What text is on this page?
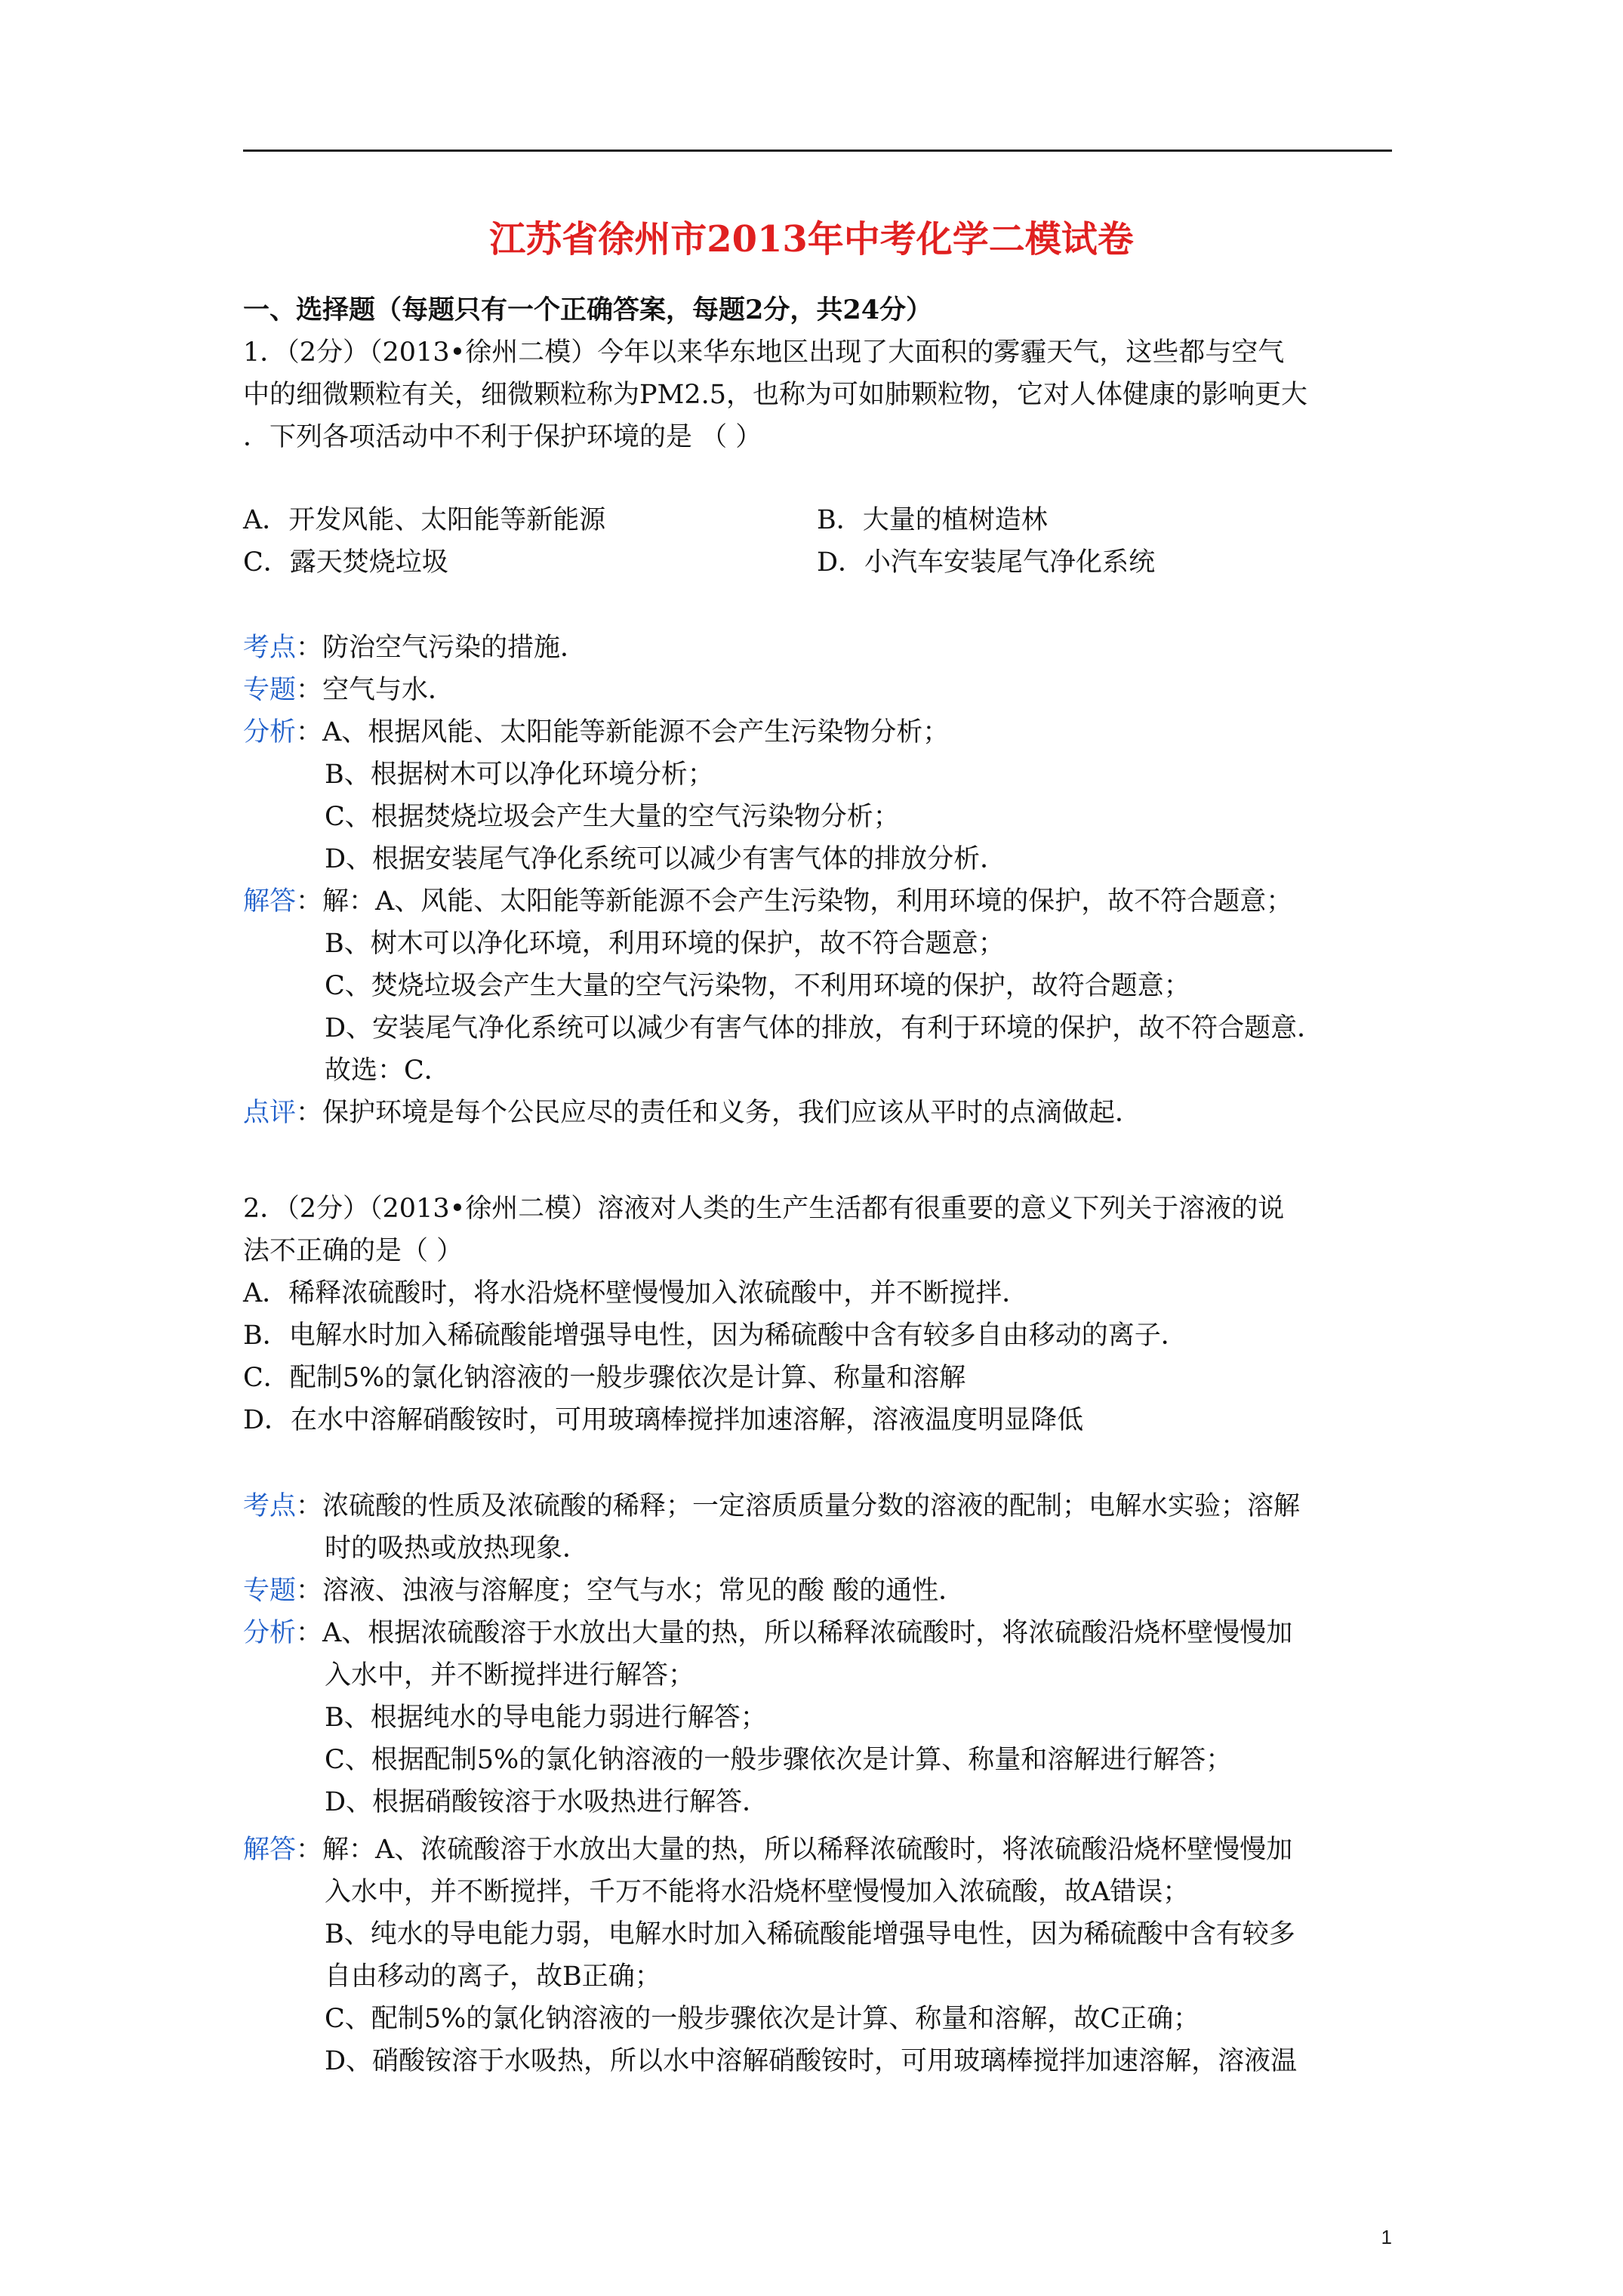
江苏省徐州市2013年中考化学二模试卷
一、选择题（每题只有一个正确答案，每题2分，共24分）
1．（2分）（2013•徐州二模）今年以来华东地区出现了大面积的雾霾天气，这些都与空气
中的细微颗粒有关，细微颗粒称为PM2.5，也称为可如肺颗粒物，它对人体健康的影响更大
．下列各项活动中不利于保护环境的是 （ ）
A．开发风能、太阳能等新能源	B．大量的植树造林
C．露天焚烧垃圾	D．小汽车安装尾气净化系统
考点：防治空气污染的措施．
专题：空气与水．
分析：A、根据风能、太阳能等新能源不会产生污染物分析；
B、根据树木可以净化环境分析；
C、根据焚烧垃圾会产生大量的空气污染物分析；
D、根据安装尾气净化系统可以减少有害气体的排放分析．
解答：解：A、风能、太阳能等新能源不会产生污染物，利用环境的保护，故不符合题意；
B、树木可以净化环境，利用环境的保护，故不符合题意；
C、焚烧垃圾会产生大量的空气污染物，不利用环境的保护，故符合题意；
D、安装尾气净化系统可以减少有害气体的排放，有利于环境的保护，故不符合题意．
故选：C．
点评：保护环境是每个公民应尽的责任和义务，我们应该从平时的点滴做起．
2．（2分）（2013•徐州二模）溶液对人类的生产生活都有很重要的意义下列关于溶液的说
法不正确的是（ ）
A．稀释浓硫酸时，将水沿烧杯壁慢慢加入浓硫酸中，并不断搅拌．
B．电解水时加入稀硫酸能增强导电性，因为稀硫酸中含有较多自由移动的离子．
C．配制5%的氯化钠溶液的一般步骤依次是计算、称量和溶解
D．在水中溶解硝酸铵时，可用玻璃棒搅拌加速溶解，溶液温度明显降低
考点：浓硫酸的性质及浓硫酸的稀释；一定溶质质量分数的溶液的配制；电解水实验；溶解
时的吸热或放热现象．
专题：溶液、浊液与溶解度；空气与水；常见的酸 酸的通性．
分析：A、根据浓硫酸溶于水放出大量的热，所以稀释浓硫酸时，将浓硫酸沿烧杯壁慢慢加
入水中，并不断搅拌进行解答；
B、根据纯水的导电能力弱进行解答；
C、根据配制5%的氯化钠溶液的一般步骤依次是计算、称量和溶解进行解答；
D、根据硝酸铵溶于水吸热进行解答．
解答：解：A、浓硫酸溶于水放出大量的热，所以稀释浓硫酸时，将浓硫酸沿烧杯壁慢慢加
入水中，并不断搅拌，千万不能将水沿烧杯壁慢慢加入浓硫酸，故A错误；
B、纯水的导电能力弱，电解水时加入稀硫酸能增强导电性，因为稀硫酸中含有较多
自由移动的离子，故B正确；
C、配制5%的氯化钠溶液的一般步骤依次是计算、称量和溶解，故C正确；
D、硝酸铵溶于水吸热，所以水中溶解硝酸铵时，可用玻璃棒搅拌加速溶解，溶液温
1
